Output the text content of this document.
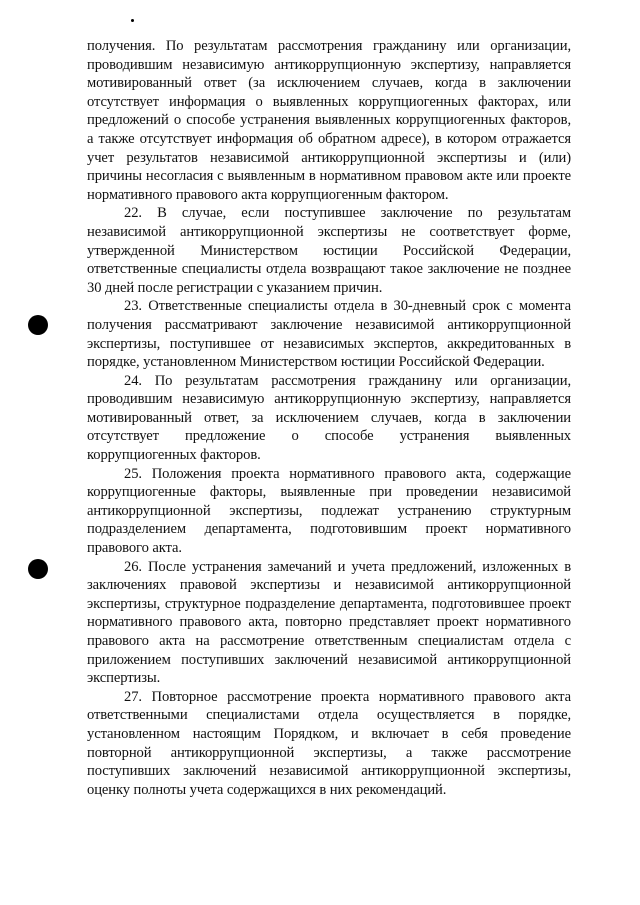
получения. По результатам рассмотрения гражданину или организации, проводившим независимую антикоррупционную экспертизу, направляется мотивированный ответ (за исключением случаев, когда в заключении отсутствует информация о выявленных коррупциогенных факторах, или предложений о способе устранения выявленных коррупциогенных факторов, а также отсутствует информация об обратном адресе), в котором отражается учет результатов независимой антикоррупционной экспертизы и (или) причины несогласия с выявленным в нормативном правовом акте или проекте нормативного правового акта коррупциогенным фактором.

22. В случае, если поступившее заключение по результатам независимой антикоррупционной экспертизы не соответствует форме, утвержденной Министерством юстиции Российской Федерации, ответственные специалисты отдела возвращают такое заключение не позднее 30 дней после регистрации с указанием причин.

23. Ответственные специалисты отдела в 30-дневный срок с момента получения рассматривают заключение независимой антикоррупционной экспертизы, поступившее от независимых экспертов, аккредитованных в порядке, установленном Министерством юстиции Российской Федерации.

24. По результатам рассмотрения гражданину или организации, проводившим независимую антикоррупционную экспертизу, направляется мотивированный ответ, за исключением случаев, когда в заключении отсутствует предложение о способе устранения выявленных коррупциогенных факторов.

25. Положения проекта нормативного правового акта, содержащие коррупциогенные факторы, выявленные при проведении независимой антикоррупционной экспертизы, подлежат устранению структурным подразделением департамента, подготовившим проект нормативного правового акта.

26. После устранения замечаний и учета предложений, изложенных в заключениях правовой экспертизы и независимой антикоррупционной экспертизы, структурное подразделение департамента, подготовившее проект нормативного правового акта, повторно представляет проект нормативного правового акта на рассмотрение ответственным специалистам отдела с приложением поступивших заключений независимой антикоррупционной экспертизы.

27. Повторное рассмотрение проекта нормативного правового акта ответственными специалистами отдела осуществляется в порядке, установленном настоящим Порядком, и включает в себя проведение повторной антикоррупционной экспертизы, а также рассмотрение поступивших заключений независимой антикоррупционной экспертизы, оценку полноты учета содержащихся в них рекомендаций.
